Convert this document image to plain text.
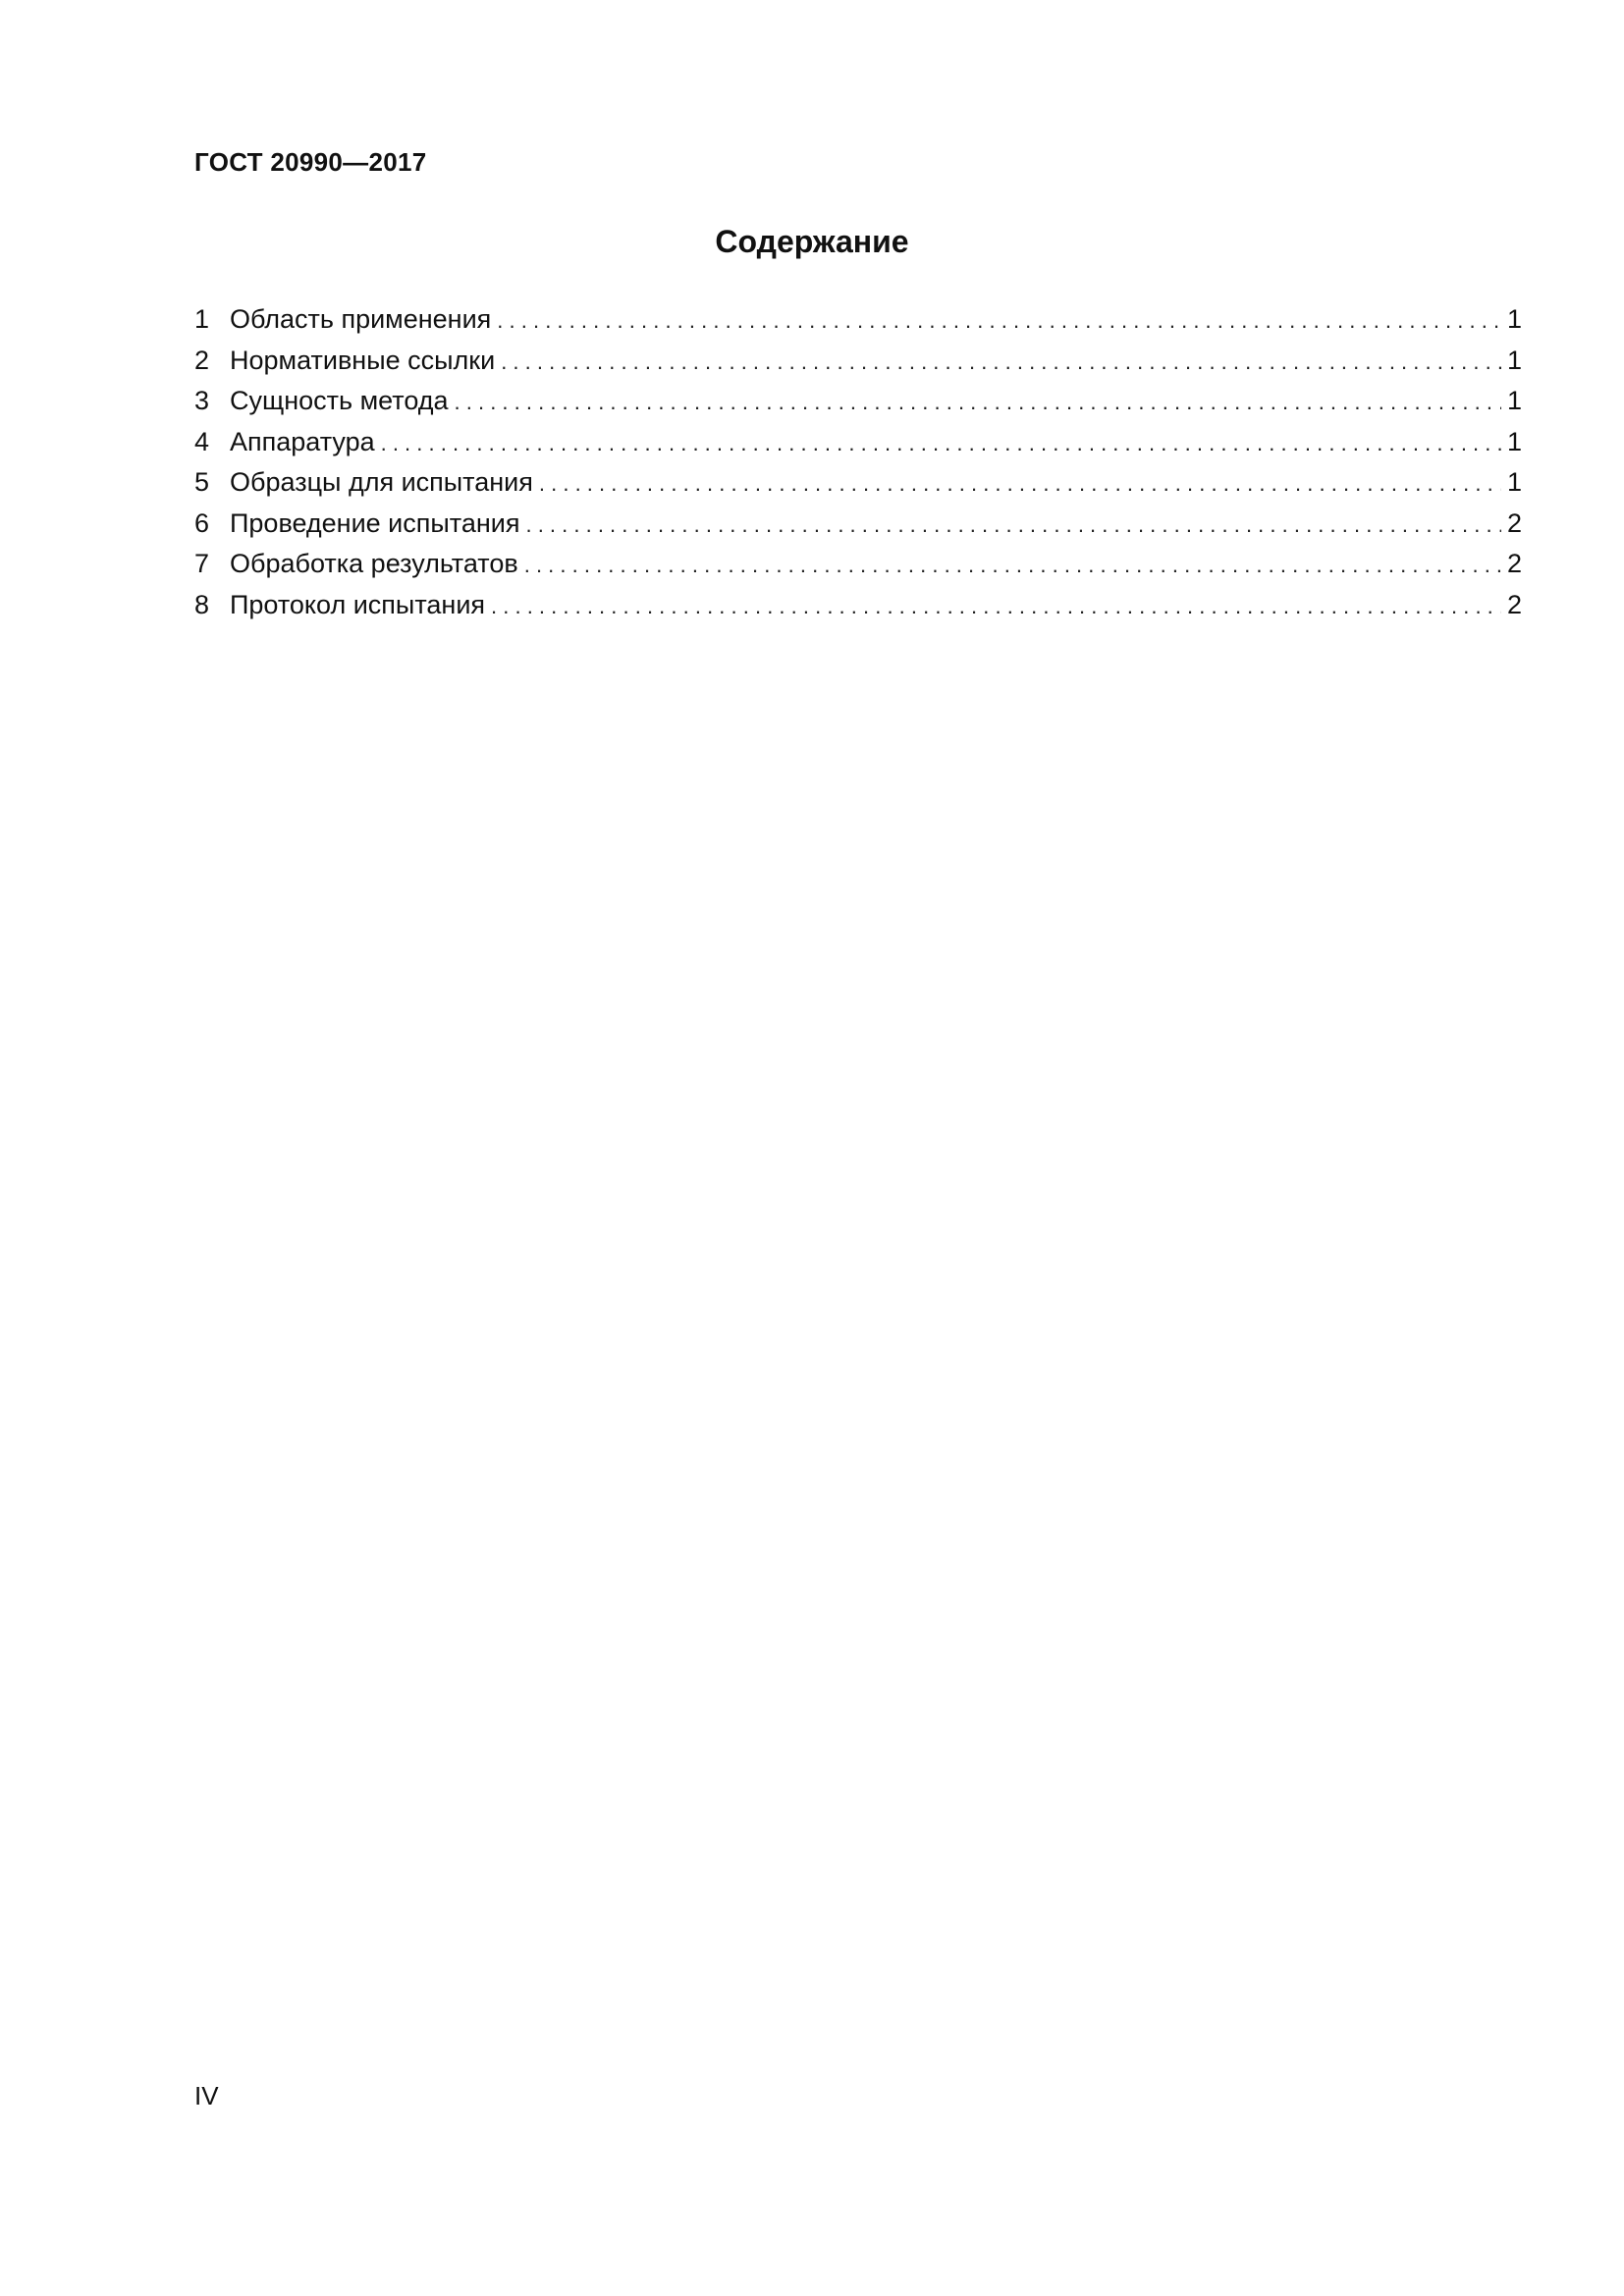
ГОСТ 20990—2017
Содержание
1 Область применения . . .	1
2 Нормативные ссылки . . .	1
3 Сущность метода . . .	1
4 Аппаратура . . .	1
5 Образцы для испытания . . .	1
6 Проведение испытания . . .	2
7 Обработка результатов . . .	2
8 Протокол испытания . . .	2
IV
